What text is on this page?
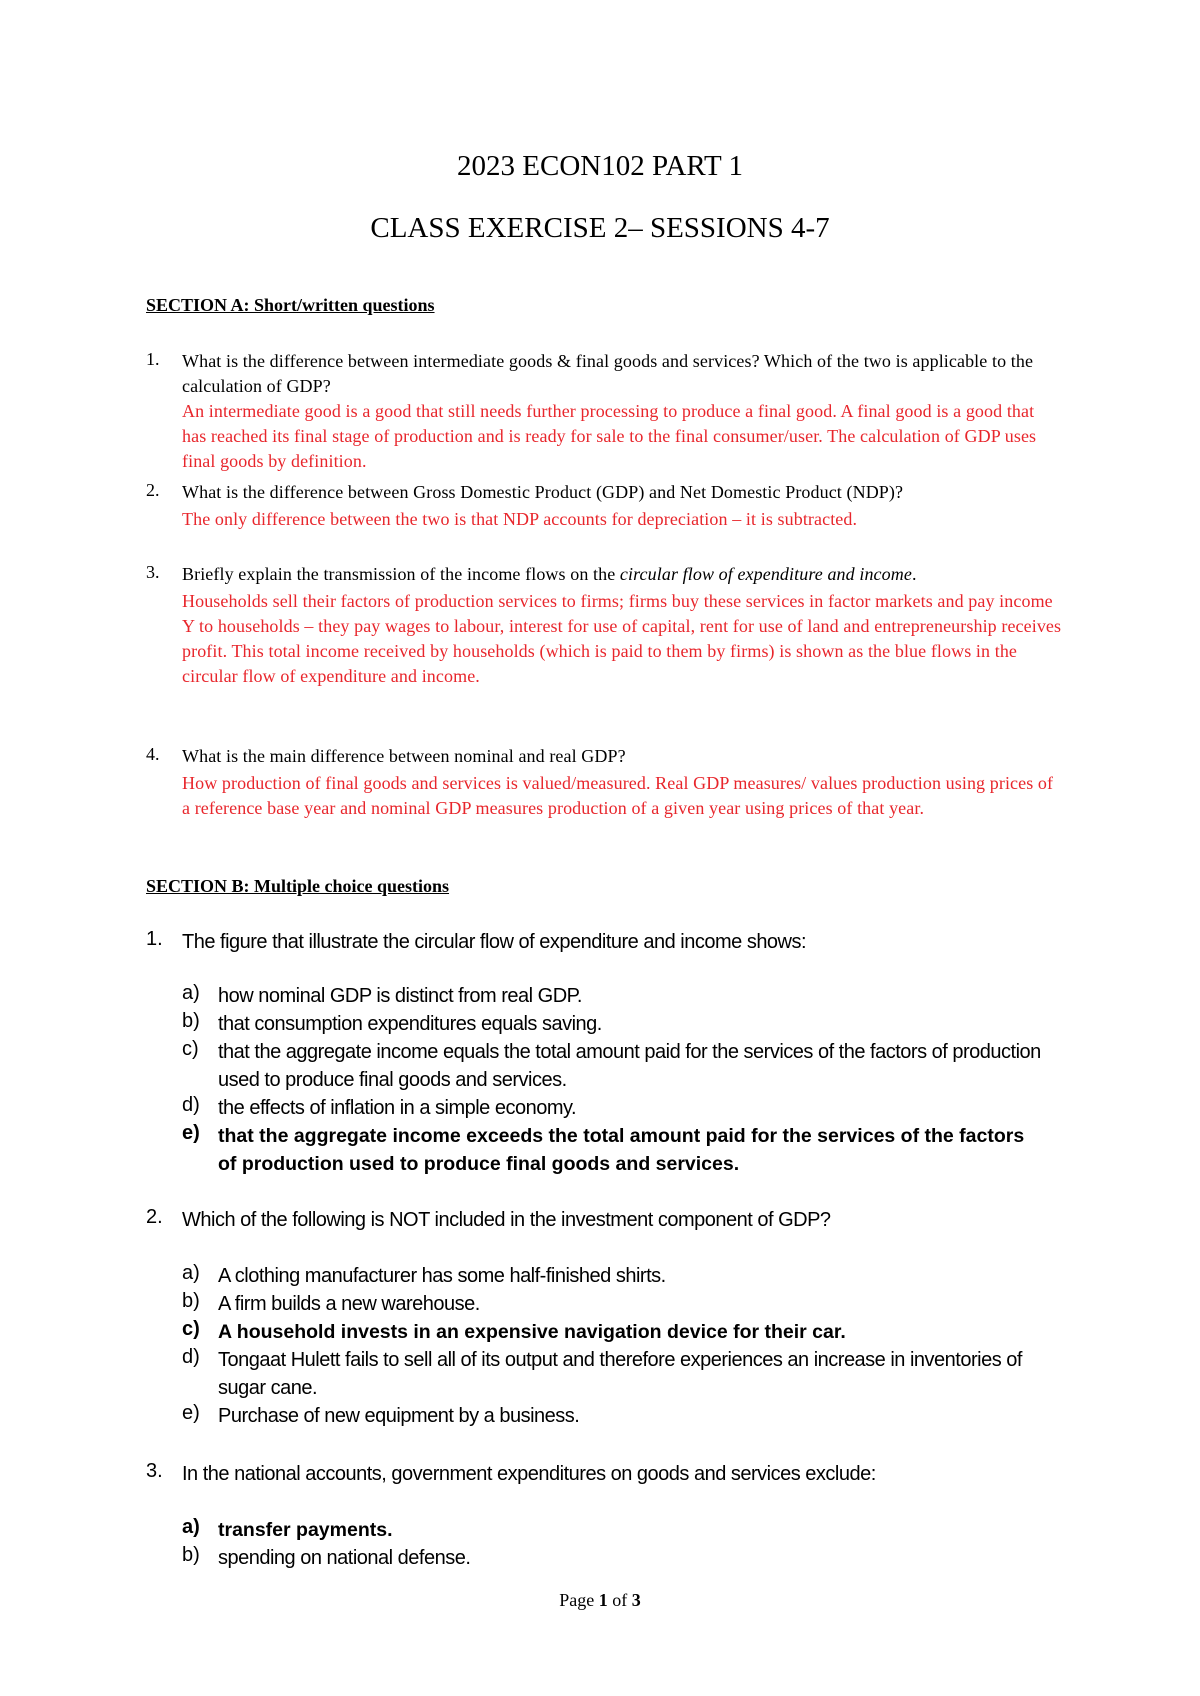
2023 ECON102 PART 1
CLASS EXERCISE 2– SESSIONS 4-7
SECTION A: Short/written questions
1.	What is the difference between intermediate goods & final goods and services? Which of the two is applicable to the calculation of GDP?
An intermediate good is a good that still needs further processing to produce a final good. A final good is a good that has reached its final stage of production and is ready for sale to the final consumer/user. The calculation of GDP uses final goods by definition.
2.	What is the difference between Gross Domestic Product (GDP) and Net Domestic Product (NDP)?
The only difference between the two is that NDP accounts for depreciation – it is subtracted.
3.	Briefly explain the transmission of the income flows on the circular flow of expenditure and income.
Households sell their factors of production services to firms; firms buy these services in factor markets and pay income Y to households – they pay wages to labour, interest for use of capital, rent for use of land and entrepreneurship receives profit. This total income received by households (which is paid to them by firms) is shown as the blue flows in the circular flow of expenditure and income.
4.	What is the main difference between nominal and real GDP?
How production of final goods and services is valued/measured. Real GDP measures/ values production using prices of a reference base year and nominal GDP measures production of a given year using prices of that year.
SECTION B: Multiple choice questions
1. The figure that illustrate the circular flow of expenditure and income shows:
a) how nominal GDP is distinct from real GDP.
b) that consumption expenditures equals saving.
c) that the aggregate income equals the total amount paid for the services of the factors of production used to produce final goods and services.
d) the effects of inflation in a simple economy.
e) that the aggregate income exceeds the total amount paid for the services of the factors of production used to produce final goods and services.
2. Which of the following is NOT included in the investment component of GDP?
a) A clothing manufacturer has some half-finished shirts.
b) A firm builds a new warehouse.
c) A household invests in an expensive navigation device for their car.
d) Tongaat Hulett fails to sell all of its output and therefore experiences an increase in inventories of sugar cane.
e) Purchase of new equipment by a business.
3. In the national accounts, government expenditures on goods and services exclude:
a) transfer payments.
b) spending on national defense.
Page 1 of 3
